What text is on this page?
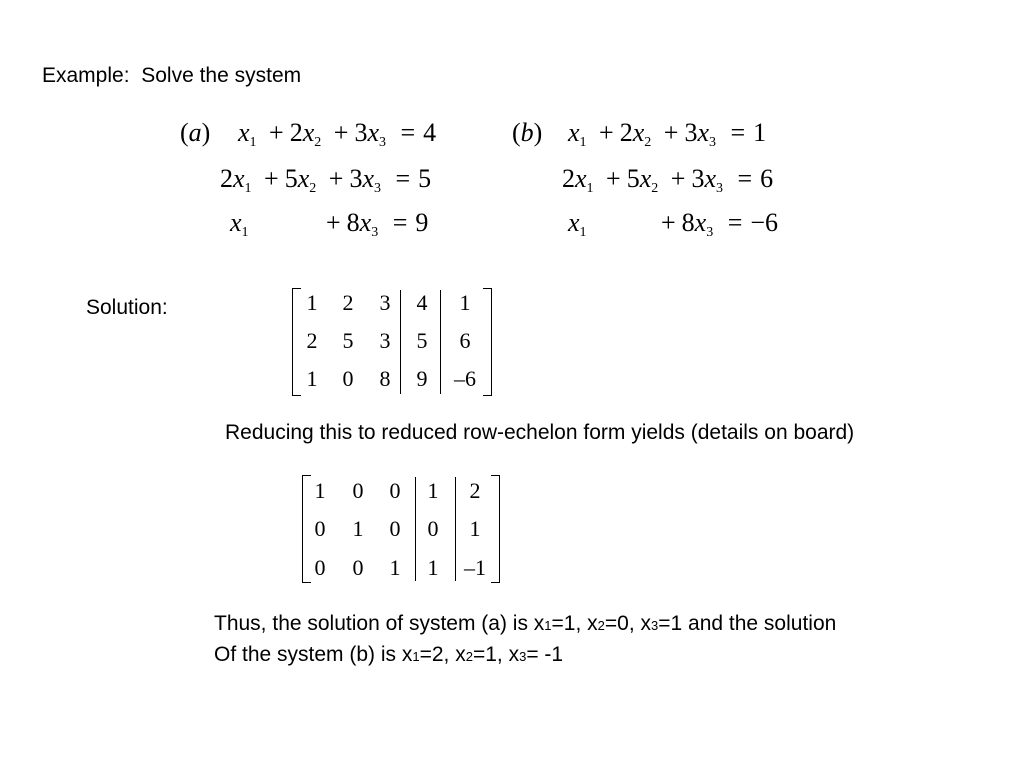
Example: Solve the system
(a) $x_1 + 2x_2 + 3x_3 = 4$
$2x_1 + 5x_2 + 3x_3 = 5$
$x_1$	+ $8x_3 = 9$
(b) $x_1 + 2x_2 + 3x_3 = 1$
$2x_1 + 5x_2 + 3x_3 = 6$
$x_1$	+ $8x_3 = -6$
Solution:	1	2	3	4	1
2	5	3	5	6
1	0	8	9	–6
Reducing this to reduced row-echelon form yields (details on board)
1	0	0	1	2
0	1	0	0	1
0	0	1	1	–1
Thus, the solution of system (a) is x1=1, x2=0, x3=1 and the solution
Of the system (b) is x1=2, x2=1, x3= -1
